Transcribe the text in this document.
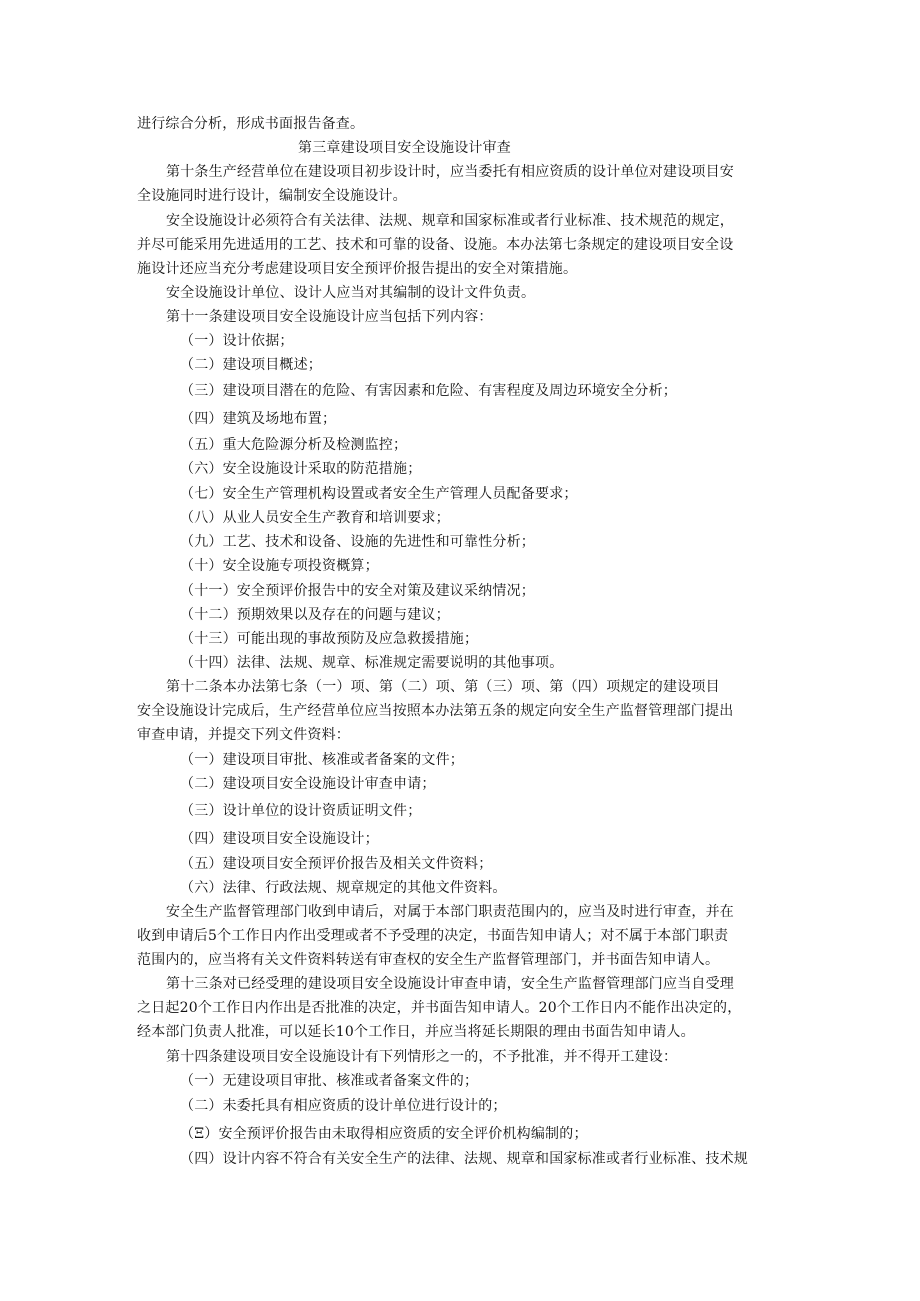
进行综合分析，形成书面报告备查。
第三章建设项目安全设施设计审查
第十条生产经营单位在建设项目初步设计时，应当委托有相应资质的设计单位对建设项目安
全设施同时进行设计，编制安全设施设计。
安全设施设计必须符合有关法律、法规、规章和国家标准或者行业标准、技术规范的规定，
并尽可能采用先进适用的工艺、技术和可靠的设备、设施。本办法第七条规定的建设项目安全设
施设计还应当充分考虑建设项目安全预评价报告提出的安全对策措施。
安全设施设计单位、设计人应当对其编制的设计文件负责。
第十一条建设项目安全设施设计应当包括下列内容：
（一）设计依据；
（二）建设项目概述；
（三）建设项目潜在的危险、有害因素和危险、有害程度及周边环境安全分析；
（四）建筑及场地布置；
（五）重大危险源分析及检测监控；
（六）安全设施设计采取的防范措施；
（七）安全生产管理机构设置或者安全生产管理人员配备要求；
（八）从业人员安全生产教育和培训要求；
（九）工艺、技术和设备、设施的先进性和可靠性分析；
（十）安全设施专项投资概算；
（十一）安全预评价报告中的安全对策及建议采纳情况；
（十二）预期效果以及存在的问题与建议；
（十三）可能出现的事故预防及应急救援措施；
（十四）法律、法规、规章、标准规定需要说明的其他事项。
第十二条本办法第七条（一）项、第（二）项、第（三）项、第（四）项规定的建设项目
安全设施设计完成后，生产经营单位应当按照本办法第五条的规定向安全生产监督管理部门提出
审查申请，并提交下列文件资料：
（一）建设项目审批、核准或者备案的文件；
（二）建设项目安全设施设计审查申请；
（三）设计单位的设计资质证明文件；
（四）建设项目安全设施设计；
（五）建设项目安全预评价报告及相关文件资料；
（六）法律、行政法规、规章规定的其他文件资料。
安全生产监督管理部门收到申请后，对属于本部门职责范围内的，应当及时进行审查，并在
收到申请后5个工作日内作出受理或者不予受理的决定，书面告知申请人；对不属于本部门职责
范围内的，应当将有关文件资料转送有审查权的安全生产监督管理部门，并书面告知申请人。
第十三条对已经受理的建设项目安全设施设计审查申请，安全生产监督管理部门应当自受理
之日起20个工作日内作出是否批准的决定，并书面告知申请人。20个工作日内不能作出决定的，
经本部门负责人批准，可以延长10个工作日，并应当将延长期限的理由书面告知申请人。
第十四条建设项目安全设施设计有下列情形之一的，不予批准，并不得开工建设：
（一）无建设项目审批、核准或者备案文件的；
（二）未委托具有相应资质的设计单位进行设计的；
（Ξ）安全预评价报告由未取得相应资质的安全评价机构编制的；
（四）设计内容不符合有关安全生产的法律、法规、规章和国家标准或者行业标准、技术规
